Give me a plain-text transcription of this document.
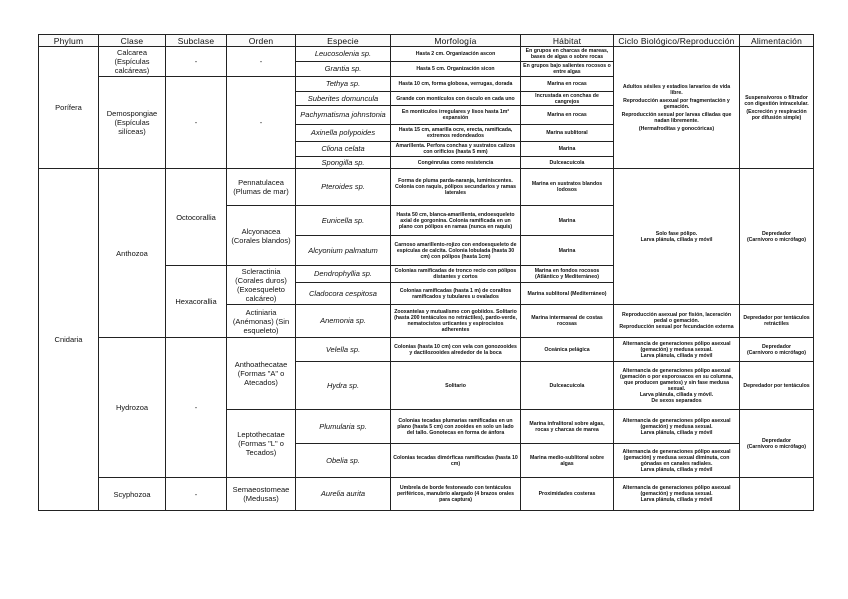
Phylum	Clase	Subclase	Orden	Especie	Morfología	Hábitat	Ciclo Biológico/Reproducción	Alimentación
Porífera	Calcarea (Espículas calcáreas)	-	-	Leucosolenia sp.	Hasta 2 cm. Organización ascon	En grupos en charcas de mareas, bases de algas o sobre rocas	Adultos sésiles y estadios larvarios de vida libre.
Reproducción asexual por fragmentación y gemación.
Reproducción sexual por larvas ciliadas que nadan libremente.
(Hermafroditas y gonocóricas)	Suspensívoros o filtrador con digestión intracelular.
(Excreción y respiración por difusión simple)

				Grantia sp.	Hasta 5 cm. Organización sicon	En grupos bajo salientes rocosos o entre algas		
	Demospongiae (Espículas silíceas)	-	-	Tethya sp.	Hasta 10 cm, forma globosa, verrugas, dorada	Marina en rocas		
				Suberites domuncula	Grande con montículos con ósculo en cada uno	Incrustada en conchas de cangrejos		
				Pachymatisma johnstonia	En montículos irregulares y lisos hasta 1m² expansión	Marina en rocas		
				Axinella polypoides	Hasta 15 cm, amarilla ocre, erecta, ramificada, extremos redondeados	Marina sublitoral		
				Cliona celata	Amarillenta. Perfora conchas y sustratos calizos con orificios (hasta 5 mm)	Marina		
				Spongilla sp.	Congénrulas como resistencia	Dulceacuícola		
Cnidaria	Anthozoa	Octocorallia	Pennatulacea (Plumas de mar)	Pteroides sp.	Forma de pluma parda-naranja, luminiscentes. Colonia con raquis, pólipos secundarios y ramas laterales	Marina en sustratos blandos lodosos	Solo fase pólipo.
Larva plánula, ciliada y móvil	Depredador
(Carnívoro o micrófago)

			Alcyonacea (Corales blandos)	Eunicella sp.	Hasta 50 cm, blanca-amarillenta, endoesqueleto axial de gorgonina. Colonia ramificada en un plano con pólipos en ramas (nunca en raquis)	Marina		
				Alcyonium palmatum	Carnoso amarillento-rojizo con endoesqueleto de espículas de calcita. Colonia lobulada (hasta 30 cm) con pólipos (hasta 1cm)	Marina		
		Hexacorallia	Scleractinia (Corales duros) (Exoesqueleto calcáreo)	Dendrophyllia sp.	Colonias ramificadas de tronco recio con pólipos distantes y cortos	Marina en fondos rocosos (Atlántico y Mediterráneo)		
				Cladocora cespitosa	Colonias ramificadas (hasta 1 m) de coralitos ramificados y tubulares u ovalados	Marina sublitoral (Mediterráneo)		
			Actiniaria (Anémonas) (Sin esqueleto)	Anemonia sp.	Zooxantelas y mutualismo con gobiidos. Solitario (hasta 200 tentáculos no retráctiles), pardo-verde, nematocistos urticantes y espirocistos adherentes	Marina intermareal de costas rocosas	Reproducción asexual por fisión, laceración pedal o gemación.
Reproducción sexual por fecundación externa	Depredador por tentáculos retráctiles
	Hydrozoa	-	Anthoathecatae (Formas "A" o Atecados)	Velella sp.	Colonias (hasta 10 cm) con vela con gonozooides y dactilozooides alrededor de la boca	Oceánica pelágica	Alternancia de generaciones pólipo asexual (gemación) y medusa sexual.
Larva plánula, ciliada y móvil	Depredador
(Carnívoro o micrófago)

				Hydra sp.	Solitario	Dulceacuícola	Alternancia de generaciones pólipo asexual (gemación o por esporosacos en su columna, que producen gametos) y sin fase medusa sexual.
Larva plánula, ciliada y móvil.
De sexos separados	Depredador por tentáculos
			Leptothecatae (Formas "L" o Tecados)	Plumularia sp.	Colonias tecadas plumarias ramificadas en un plano (hasta 5 cm) con zooides en solo un lado del tallo. Gonotecas en forma de ánfora	Marina infralitoral sobre algas, rocas y charcas de marea	Alternancia de generaciones pólipo asexual (gemación) y medusa sexual.
Larva plánula, ciliada y móvil	Depredador
(Carnívoro o micrófago)

				Obelia sp.	Colonias tecadas dimórficas ramificadas (hasta 10 cm)	Marina medio-sublitoral sobre algas	Alternancia de generaciones pólipo asexual (gemación) y medusa sexual diminuta, con gónadas en canales radiales.
Larva plánula, ciliada y móvil	

	Scyphozoa	-	Semaeostomeae (Medusas)	Aurelia aurita	Umbrela de borde festoneado con tentáculos periféricos, manubrio alargado (4 brazos orales para captura)	Proximidades costeras	Alternancia de generaciones pólipo asexual (gemación) y medusa sexual.
Larva plánula, ciliada y móvil	
